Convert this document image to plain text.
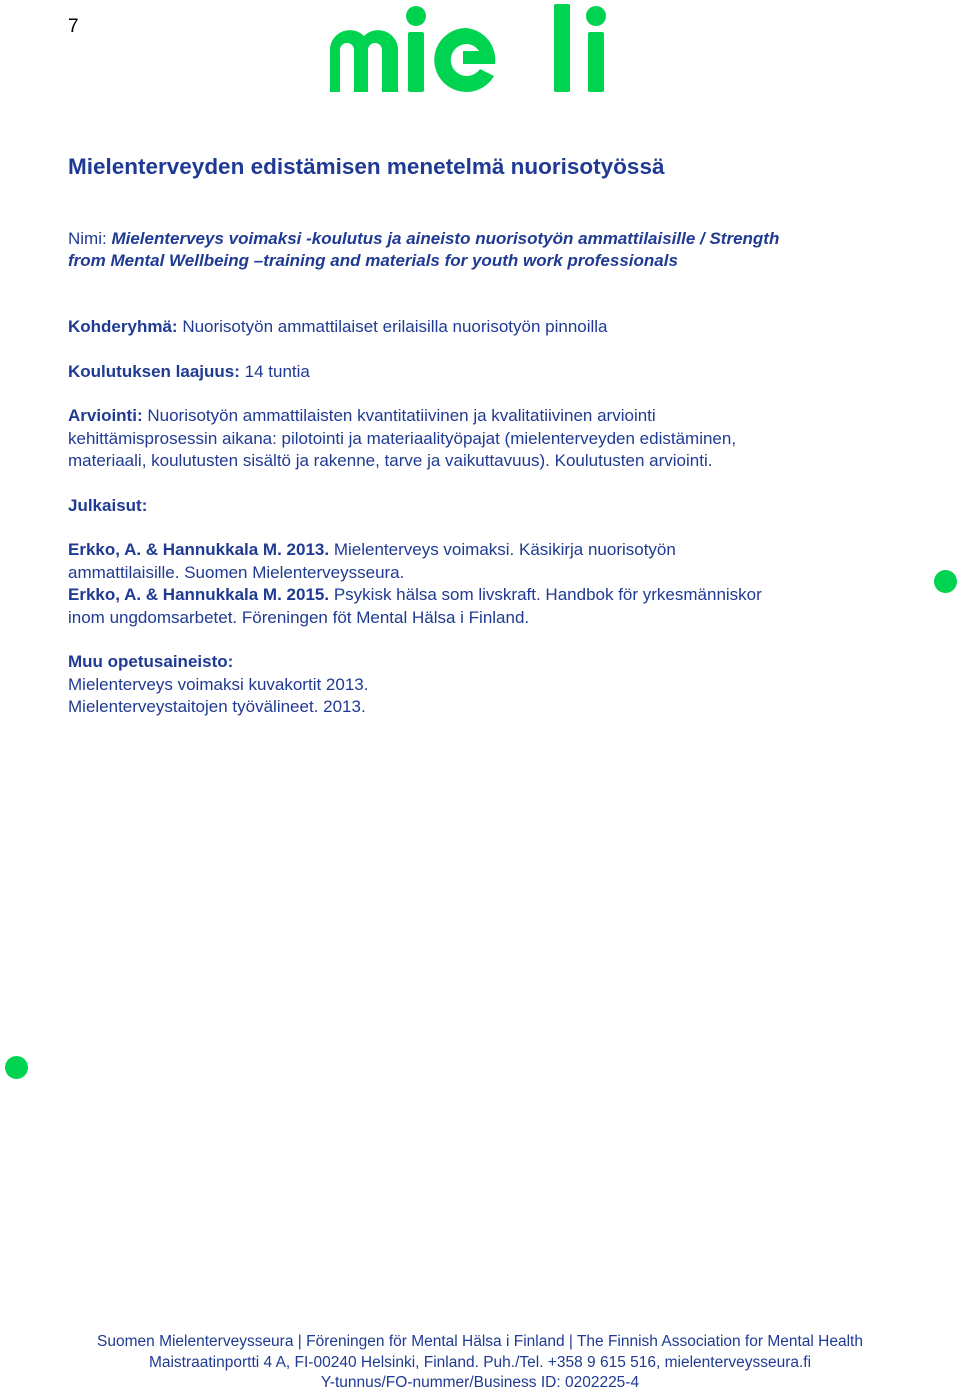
7
Mielenterveyden edistämisen menetelmä nuorisotyössä
Nimi: Mielenterveys voimaksi -koulutus ja aineisto nuorisotyön ammattilaisille / Strength
from Mental Wellbeing –training and materials for youth work professionals
Kohderyhmä: Nuorisotyön ammattilaiset erilaisilla nuorisotyön pinnoilla
Koulutuksen laajuus: 14 tuntia
Arviointi: Nuorisotyön ammattilaisten kvantitatiivinen ja kvalitatiivinen arviointi
kehittämisprosessin aikana: pilotointi ja materiaalityöpajat (mielenterveyden edistäminen,
materiaali, koulutusten sisältö ja rakenne, tarve ja vaikuttavuus). Koulutusten arviointi.
Julkaisut:
Erkko, A. & Hannukkala M. 2013. Mielenterveys voimaksi. Käsikirja nuorisotyön
ammattilaisille. Suomen Mielenterveysseura.
Erkko, A. & Hannukkala M. 2015. Psykisk hälsa som livskraft. Handbok för yrkesmänniskor
inom ungdomsarbetet. Föreningen föt Mental Hälsa i Finland.
Muu opetusaineisto:
Mielenterveys voimaksi kuvakortit 2013.
Mielenterveystaitojen työvälineet. 2013.
Suomen Mielenterveysseura | Föreningen för Mental Hälsa i Finland | The Finnish Association for Mental Health
Maistraatinportti 4 A, FI-00240 Helsinki, Finland. Puh./Tel. +358 9 615 516, mielenterveysseura.fi
Y-tunnus/FO-nummer/Business ID: 0202225-4
